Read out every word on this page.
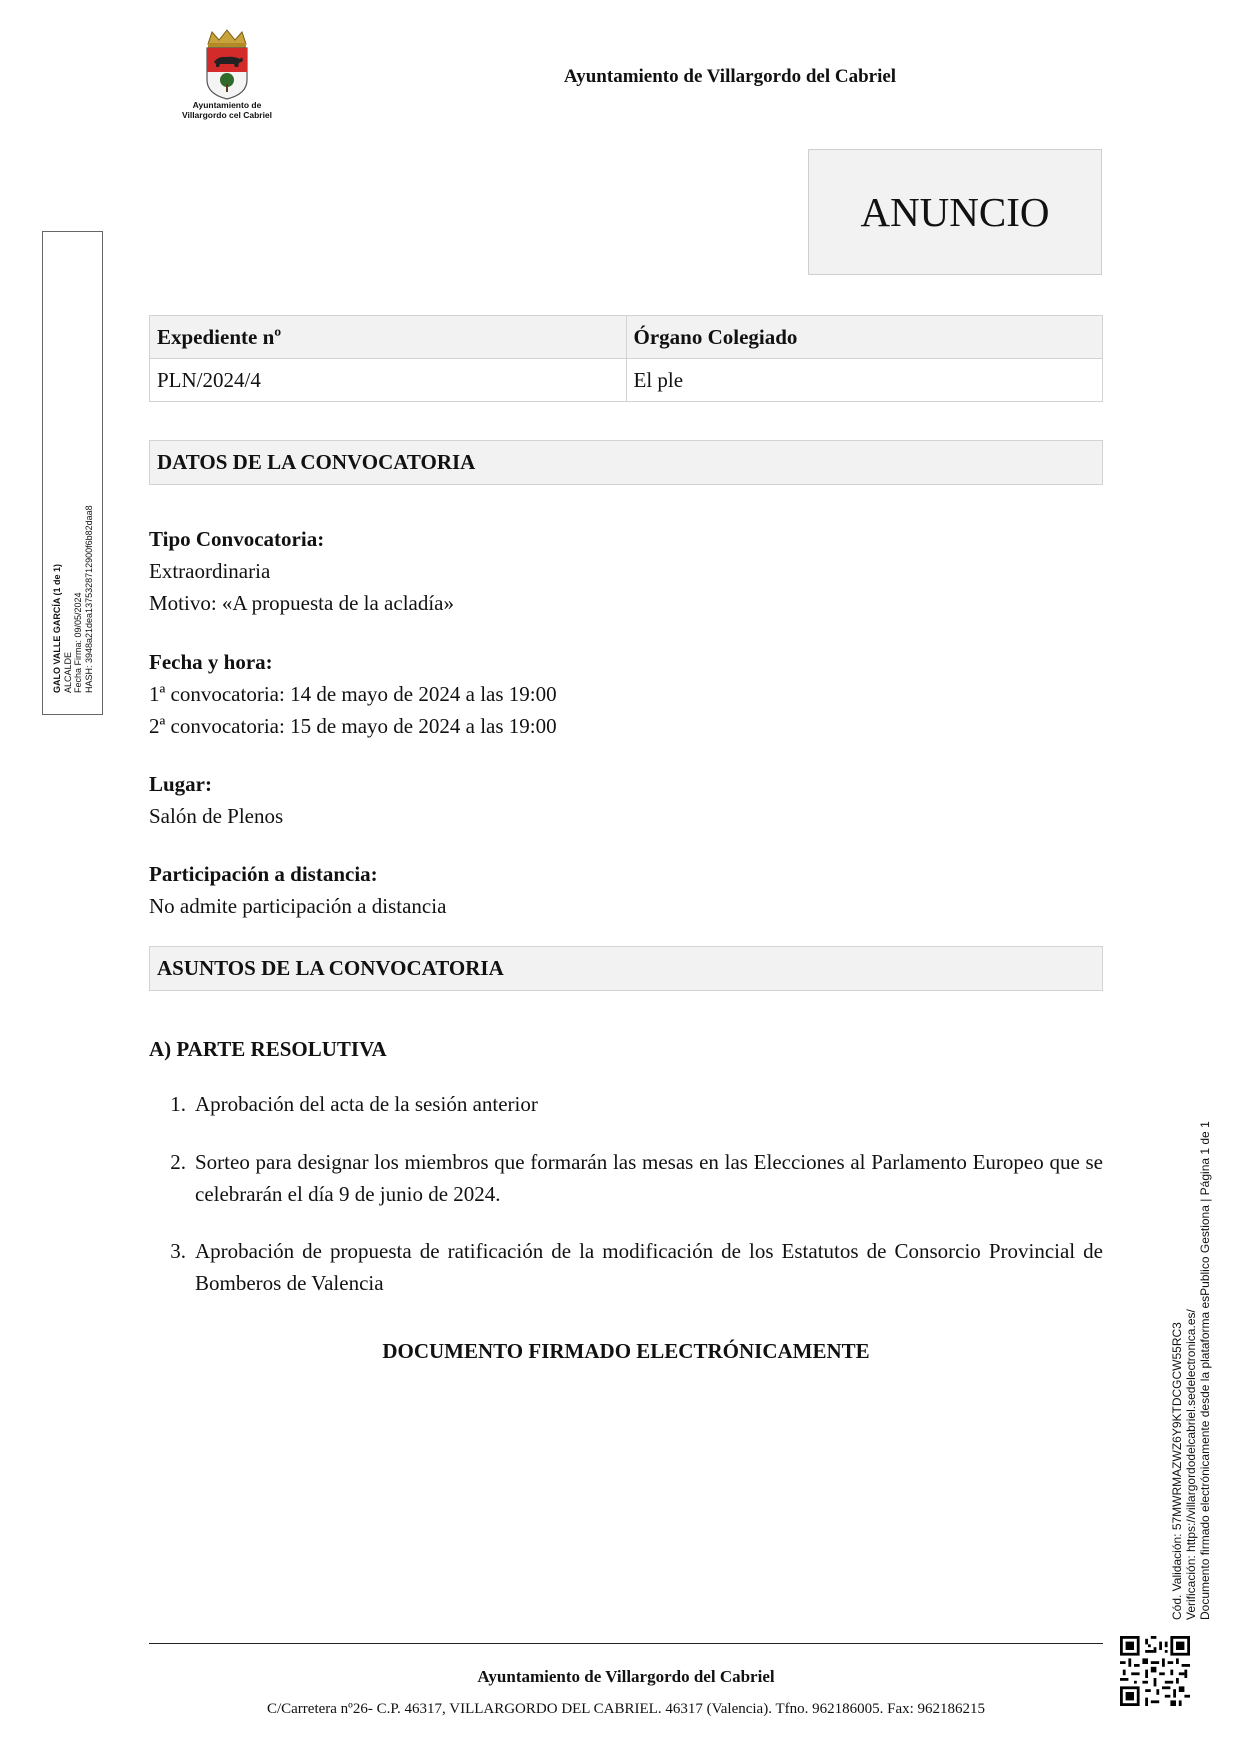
Ayuntamiento de
Villargordo cel Cabriel
Ayuntamiento de Villargordo del Cabriel
ANUNCIO
Expediente nº	Órgano Colegiado
PLN/2024/4	El ple
DATOS DE LA CONVOCATORIA
Tipo Convocatoria:
Extraordinaria
Motivo: «A propuesta de la acladía»
Fecha y hora:
1ª convocatoria: 14 de mayo de 2024 a las 19:00
2ª convocatoria: 15 de mayo de 2024 a las 19:00
Lugar:
Salón de Plenos
Participación a distancia:
No admite participación a distancia
ASUNTOS DE LA CONVOCATORIA
A) PARTE RESOLUTIVA
1. Aprobación del acta de la sesión anterior
2. Sorteo para designar los miembros que formarán las mesas en las Elecciones al Parlamento Europeo que se celebrarán el día 9 de junio de 2024.
3. Aprobación de propuesta de ratificación de la modificación de los Estatutos de Consorcio Provincial de Bomberos de Valencia
DOCUMENTO FIRMADO ELECTRÓNICAMENTE
Ayuntamiento de Villargordo del Cabriel
C/Carretera nº26- C.P. 46317, VILLARGORDO DEL CABRIEL. 46317 (Valencia). Tfno. 962186005. Fax: 962186215
GALO VALLE GARCÍA (1 de 1) ALCALDE Fecha Firma: 09/05/2024 HASH: 3948a21dea1375328712900f6b82daa8
Cód. Validación: 57MWRMAZWZ6Y9KTDCGCW55RC3 Verificación: https://villargordodelcabriel.sedelectronica.es/ Documento firmado electrónicamente desde la plataforma esPublico Gestiona | Página 1 de 1
